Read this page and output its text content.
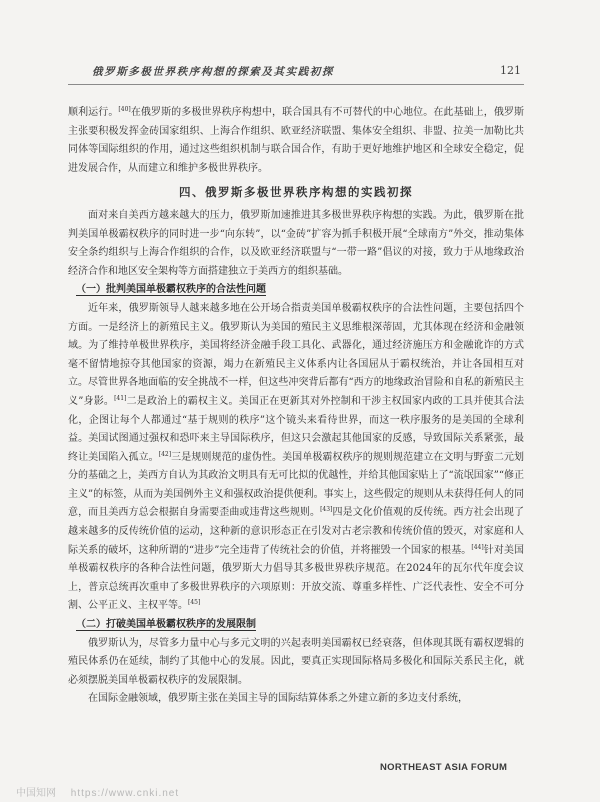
俄罗斯多极世界秩序构想的探索及其实践初探	121

顺利运行。[40]在俄罗斯的多极世界秩序构想中，联合国具有不可替代的中心地位。在此基础上，俄罗斯主张要积极发挥金砖国家组织、上海合作组织、欧亚经济联盟、集体安全组织、非盟、拉美一加勒比共同体等国际组织的作用，通过这些组织机制与联合国合作，有助于更好地维护地区和全球安全稳定，促进发展合作，从而建立和维护多极世界秩序。

四、俄罗斯多极世界秩序构想的实践初探

面对来自美西方越来越大的压力，俄罗斯加速推进其多极世界秩序构想的实践。为此，俄罗斯在批判美国单极霸权秩序的同时进一步“向东转”，以“金砖”扩容为抓手积极开展“全球南方”外交，推动集体安全条约组织与上海合作组织的合作，以及欧亚经济联盟与“一带一路”倡议的对接，致力于从地缘政治经济合作和地区安全架构等方面搭建独立于美西方的组织基础。

（一）批判美国单极霸权秩序的合法性问题

近年来，俄罗斯领导人越来越多地在公开场合指责美国单极霸权秩序的合法性问题，主要包括四个方面。一是经济上的新殖民主义。俄罗斯认为美国的殖民主义思维根深蒂固，尤其体现在经济和金融领域。为了维持单极世界秩序，美国将经济金融手段工具化、武器化，通过经济施压方和金融讹诈的方式毫不留情地掠夺其他国家的资源，竭力在新殖民主义体系内让各国屈从于霸权统治，并让各国相互对立。尽管世界各地面临的安全挑战不一样，但这些冲突背后都有“西方的地缘政治冒险和自私的新殖民主义”身影。[41]二是政治上的霸权主义。美国正在更新其对外控制和干涉主权国家内政的工具并使其合法化，企图让每个人都通过“基于规则的秩序”这个镜头来看待世界，而这一秩序服务的是美国的全球利益。美国试图通过强权和恐吓来主导国际秩序，但这只会激起其他国家的反感，导致国际关系紧张，最终让美国陷入孤立。[42]三是规则规范的虚伪性。美国单极霸权秩序的规则规范建立在文明与野蛮二元划分的基础之上，美西方自认为其政治文明具有无可比拟的优越性，并给其他国家贴上了“流氓国家”“修正主义”的标签，从而为美国例外主义和强权政治提供便利。事实上，这些假定的规则从未获得任何人的同意，而且美西方总会根据自身需要歪曲或违背这些规则。[43]四是文化价值观的反传统。西方社会出现了越来越多的反传统价值的运动，这种新的意识形态正在引发对古老宗教和传统价值的毁灭，对家庭和人际关系的破坏，这种所谓的“进步”完全违背了传统社会的价值，并将摧毁一个国家的根基。[44]针对美国单极霸权秩序的各种合法性问题，俄罗斯大力倡导其多极世界秩序规范。在2024年的瓦尔代年度会议上，普京总统再次重申了多极世界秩序的六项原则：开放交流、尊重多样性、广泛代表性、安全不可分割、公平正义、主权平等。[45]

（二）打破美国单极霸权秩序的发展限制

俄罗斯认为，尽管多力量中心与多元文明的兴起表明美国霸权已经衰落，但体现其既有霸权逻辑的殖民体系仍在延续，制约了其他中心的发展。因此，要真正实现国际格局多极化和国际关系民主化，就必须摆脱美国单极霸权秩序的发展限制。

在国际金融领域，俄罗斯主张在美国主导的国际结算体系之外建立新的多边支付系统，

NORTHEAST ASIA FORUM
中国知网 https://www.cnki.net
